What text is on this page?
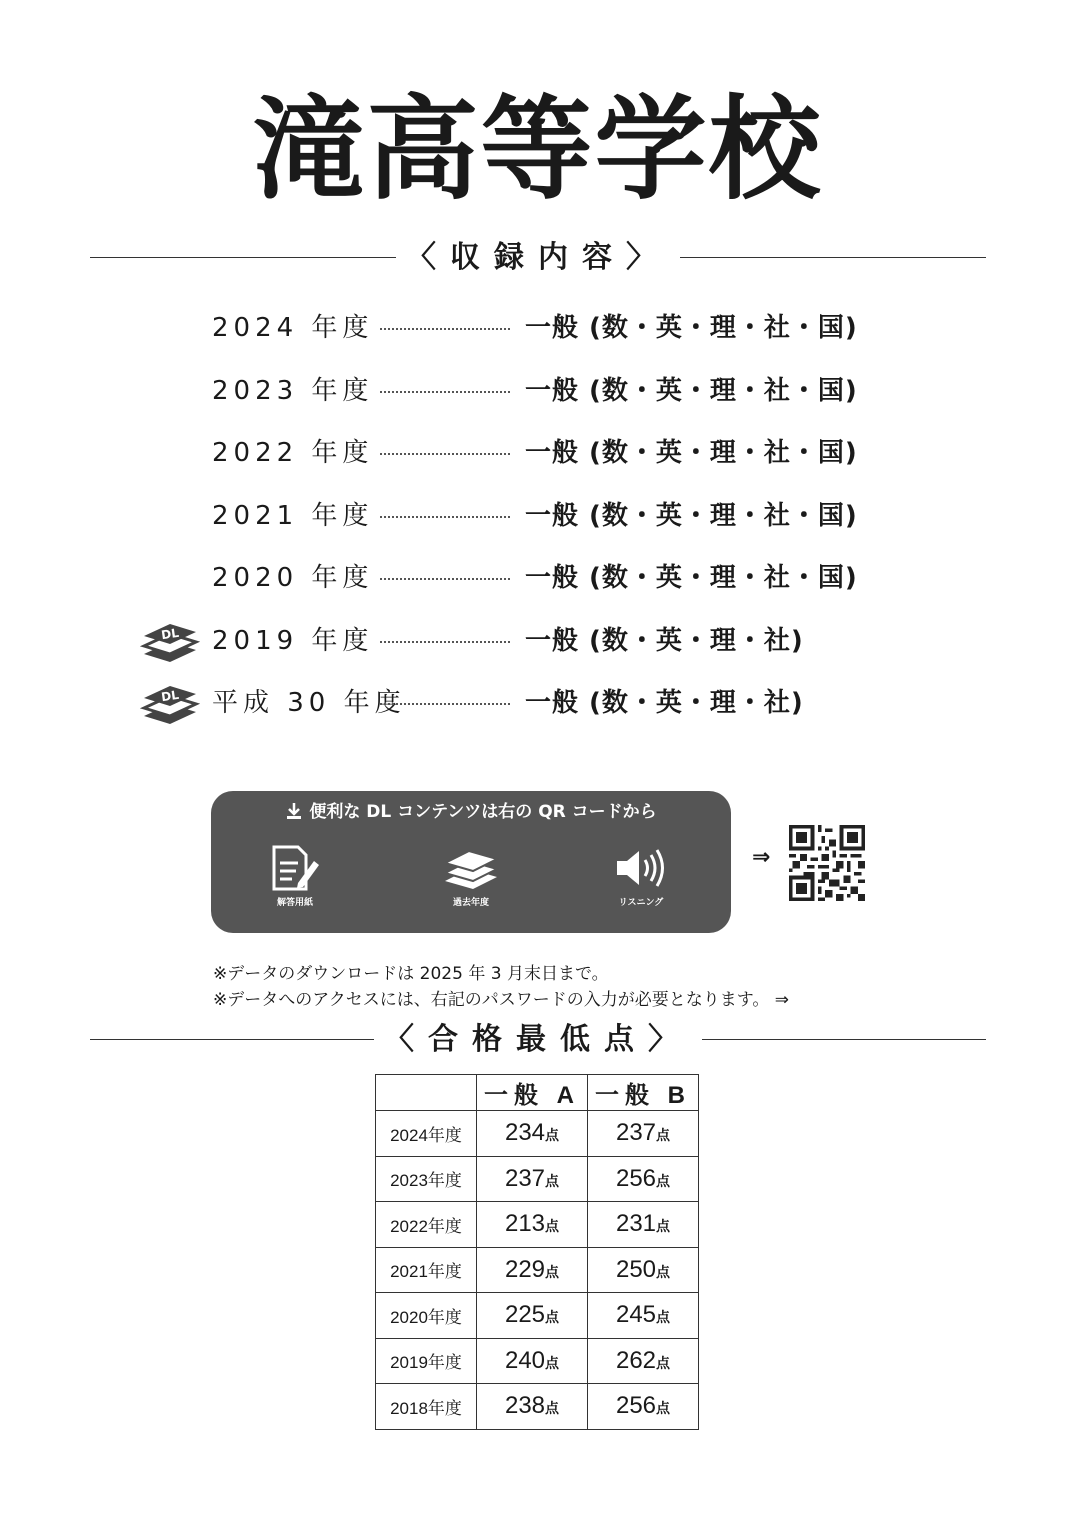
滝高等学校
〈収録内容〉
2024 年度	一般 (数・英・理・社・国)
2023 年度	一般 (数・英・理・社・国)
2022 年度	一般 (数・英・理・社・国)
2021 年度	一般 (数・英・理・社・国)
2020 年度	一般 (数・英・理・社・国)
DL 2019 年度	一般 (数・英・理・社)
DL 平成 30 年度	一般 (数・英・理・社)
便利な DL コンテンツは右の QR コードから
解答用紙	過去年度	リスニング
⇒
※データのダウンロードは 2025 年 3 月末日まで。
※データへのアクセスには、右記のパスワードの入力が必要となります。 ⇒
〈合格最低点〉
	一般 A	一般 B
2024年度	234点	237点
2023年度	237点	256点
2022年度	213点	231点
2021年度	229点	250点
2020年度	225点	245点
2019年度	240点	262点
2018年度	238点	256点
